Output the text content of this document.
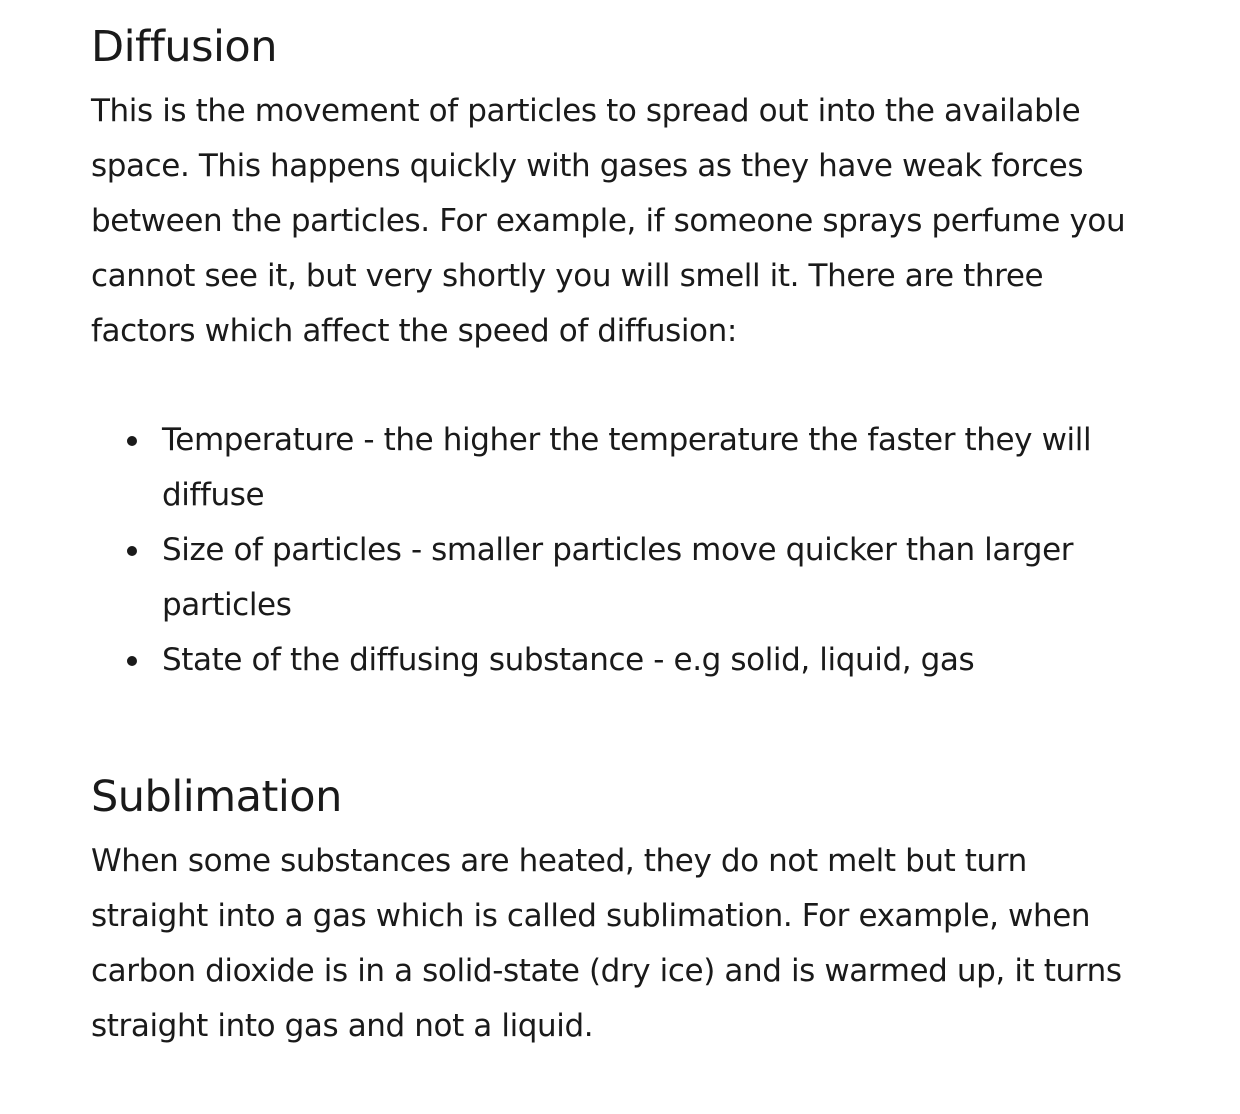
Diffusion

This is the movement of particles to spread out into the available space. This happens quickly with gases as they have weak forces between the particles. For example, if someone sprays perfume you cannot see it, but very shortly you will smell it. There are three factors which affect the speed of diffusion:

Temperature - the higher the temperature the faster they will diffuse
Size of particles - smaller particles move quicker than larger particles
State of the diffusing substance - e.g solid, liquid, gas
Sublimation

When some substances are heated, they do not melt but turn straight into a gas which is called sublimation. For example, when carbon dioxide is in a solid-state (dry ice) and is warmed up, it turns straight into gas and not a liquid.
